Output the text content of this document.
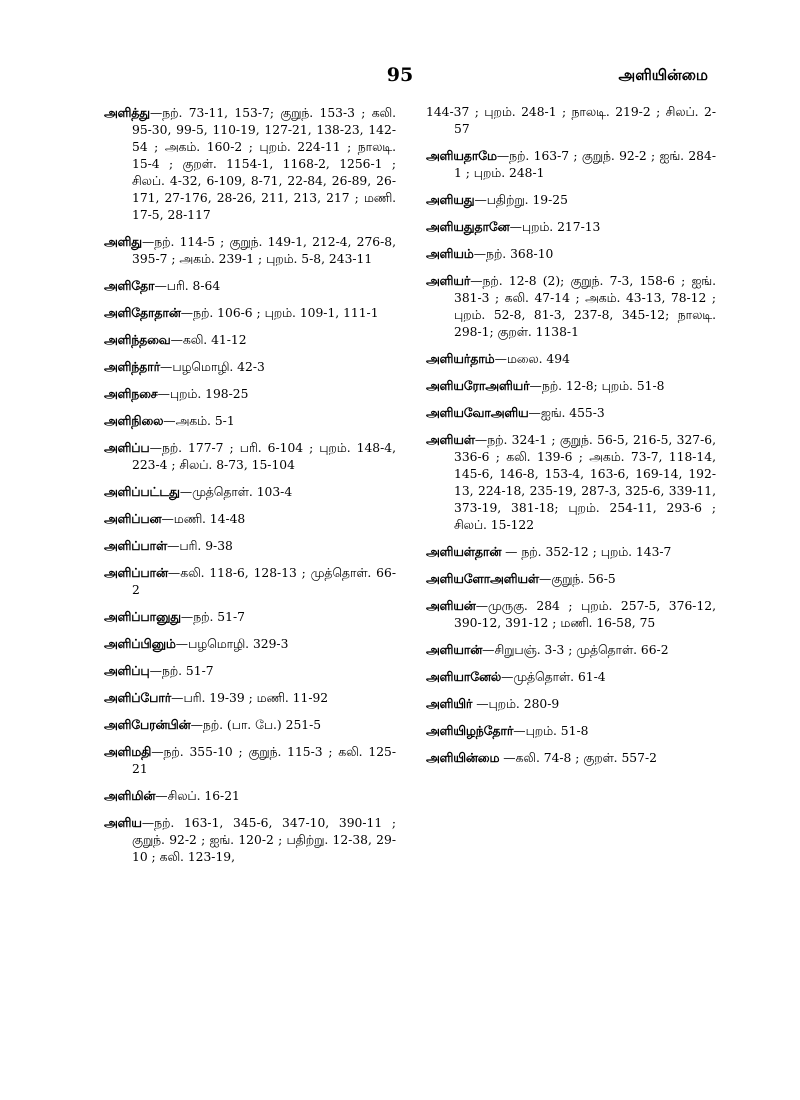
95	அளியின்மை

அளித்து—நற். 73-11, 153-7; குறுந். 153-3 ; கலி. 95-30, 99-5, 110-19, 127-21, 138-23, 142-54 ; அகம். 160-2 ; புறம். 224-11 ; நாலடி. 15-4 ; குறள். 1154-1, 1168-2, 1256-1 ; சிலப். 4-32, 6-109, 8-71, 22-84, 26-89, 26-171, 27-176, 28-26, 211, 213, 217 ; மணி. 17-5, 28-117

அளிது—நற். 114-5 ; குறுந். 149-1, 212-4, 276-8, 395-7 ; அகம். 239-1 ; புறம். 5-8, 243-11

அளிதோ—பரி. 8-64

அளிதோதான்—நற். 106-6 ; புறம். 109-1, 111-1

அளிந்தவை—கலி. 41-12

அளிந்தார்—பழமொழி. 42-3

அளிநசை—புறம். 198-25

அளிநிலை—அகம். 5-1

அளிப்ப—நற். 177-7 ; பரி. 6-104 ; புறம். 148-4, 223-4 ; சிலப். 8-73, 15-104

அளிப்பட்டது—முத்தொள். 103-4

அளிப்பன—மணி. 14-48

அளிப்பாள்—பரி. 9-38

அளிப்பான்—கலி. 118-6, 128-13 ; முத்தொள். 66-2

அளிப்பானுது—நற். 51-7

அளிப்பினும்—பழமொழி. 329-3

அளிப்பு—நற். 51-7

அளிப்போர்—பரி. 19-39 ; மணி. 11-92

அளிபேரன்பின்—நற். (பா. பே.) 251-5

அளிமதி—நற். 355-10 ; குறுந். 115-3 ; கலி. 125-21

அளிமின்—சிலப். 16-21

அளிய—நற். 163-1, 345-6, 347-10, 390-11 ; குறுந். 92-2 ; ஐங். 120-2 ; பதிற்று. 12-38, 29-10 ; கலி. 123-19,

144-37 ; புறம். 248-1 ; நாலடி. 219-2 ; சிலப். 2-57

அளியதாமே—நற். 163-7 ; குறுந். 92-2 ; ஐங். 284-1 ; புறம். 248-1

அளியது—பதிற்று. 19-25

அளியதுதானே—புறம். 217-13

அளியம்—நற். 368-10

அளியர்—நற். 12-8 (2); குறுந். 7-3, 158-6 ; ஐங். 381-3 ; கலி. 47-14 ; அகம். 43-13, 78-12 ; புறம். 52-8, 81-3, 237-8, 345-12; நாலடி. 298-1; குறள். 1138-1

அளியர்தாம்—மலை. 494

அளியரோஅளியர்—நற். 12-8; புறம். 51-8

அளியவோஅளிய—ஐங். 455-3

அளியள்—நற். 324-1 ; குறுந். 56-5, 216-5, 327-6, 336-6 ; கலி. 139-6 ; அகம். 73-7, 118-14, 145-6, 146-8, 153-4, 163-6, 169-14, 192-13, 224-18, 235-19, 287-3, 325-6, 339-11, 373-19, 381-18; புறம். 254-11, 293-6 ; சிலப். 15-122

அளியள்தான் — நற். 352-12 ; புறம். 143-7

அளியளோஅளியள்—குறுந். 56-5

அளியன்—முருகு. 284 ; புறம். 257-5, 376-12, 390-12, 391-12 ; மணி. 16-58, 75

அளியான்—சிறுபஞ். 3-3 ; முத்தொள். 66-2

அளியானேல்—முத்தொள். 61-4

அளியிர் —புறம். 280-9

அளியிழந்தோர்—புறம். 51-8

அளியின்மை —கலி. 74-8 ; குறள். 557-2
